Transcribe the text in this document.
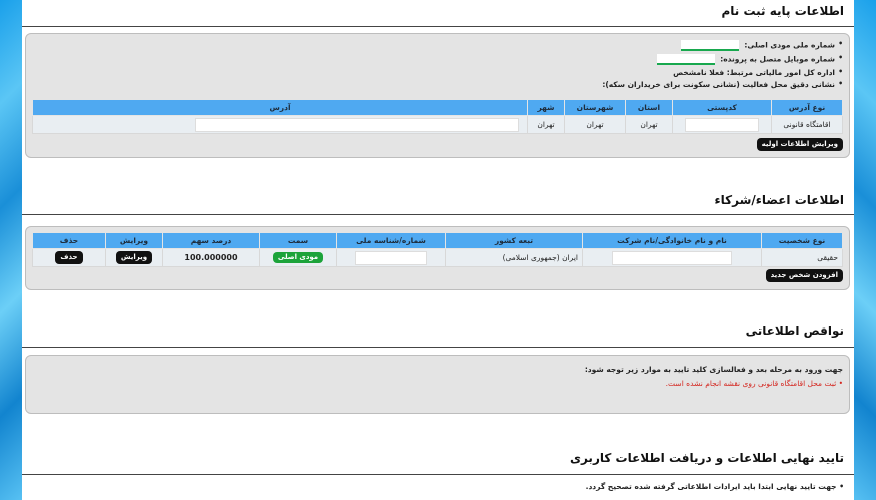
اطلاعات پایه ثبت نام
• شماره ملی مودی اصلی:
• شماره موبایل متصل به پرونده:
• اداره کل امور مالیاتی مرتبط: فعلا نامشخص
• نشانی دقیق محل فعالیت (نشانی سکونت برای خریداران سکه):
نوع آدرس	کدپستی	استان	شهرستان	شهر	آدرس
اقامتگاه قانونی		تهران	تهران	تهران	
ویرایش اطلاعات اولیه
اطلاعات اعضاء/شرکاء
نوع شخصیت	نام و نام خانوادگی/نام شرکت	تبعه کشور	شماره/شناسه ملی	سمت	درصد سهم	ویرایش	حذف
حقیقی		ایران (جمهوری اسلامی)		مودی اصلی	100.000000	ویرایش	حذف
افزودن شخص جدید
نواقص اطلاعاتی
جهت ورود به مرحله بعد و فعالسازی کلید تایید به موارد زیر توجه شود:
• ثبت محل اقامتگاه قانونی روی نقشه انجام نشده است.
تایید نهایی اطلاعات و دریافت اطلاعات کاربری
• جهت تایید نهایی ابتدا باید ایرادات اطلاعاتی گرفته شده تصحیح گردد.
